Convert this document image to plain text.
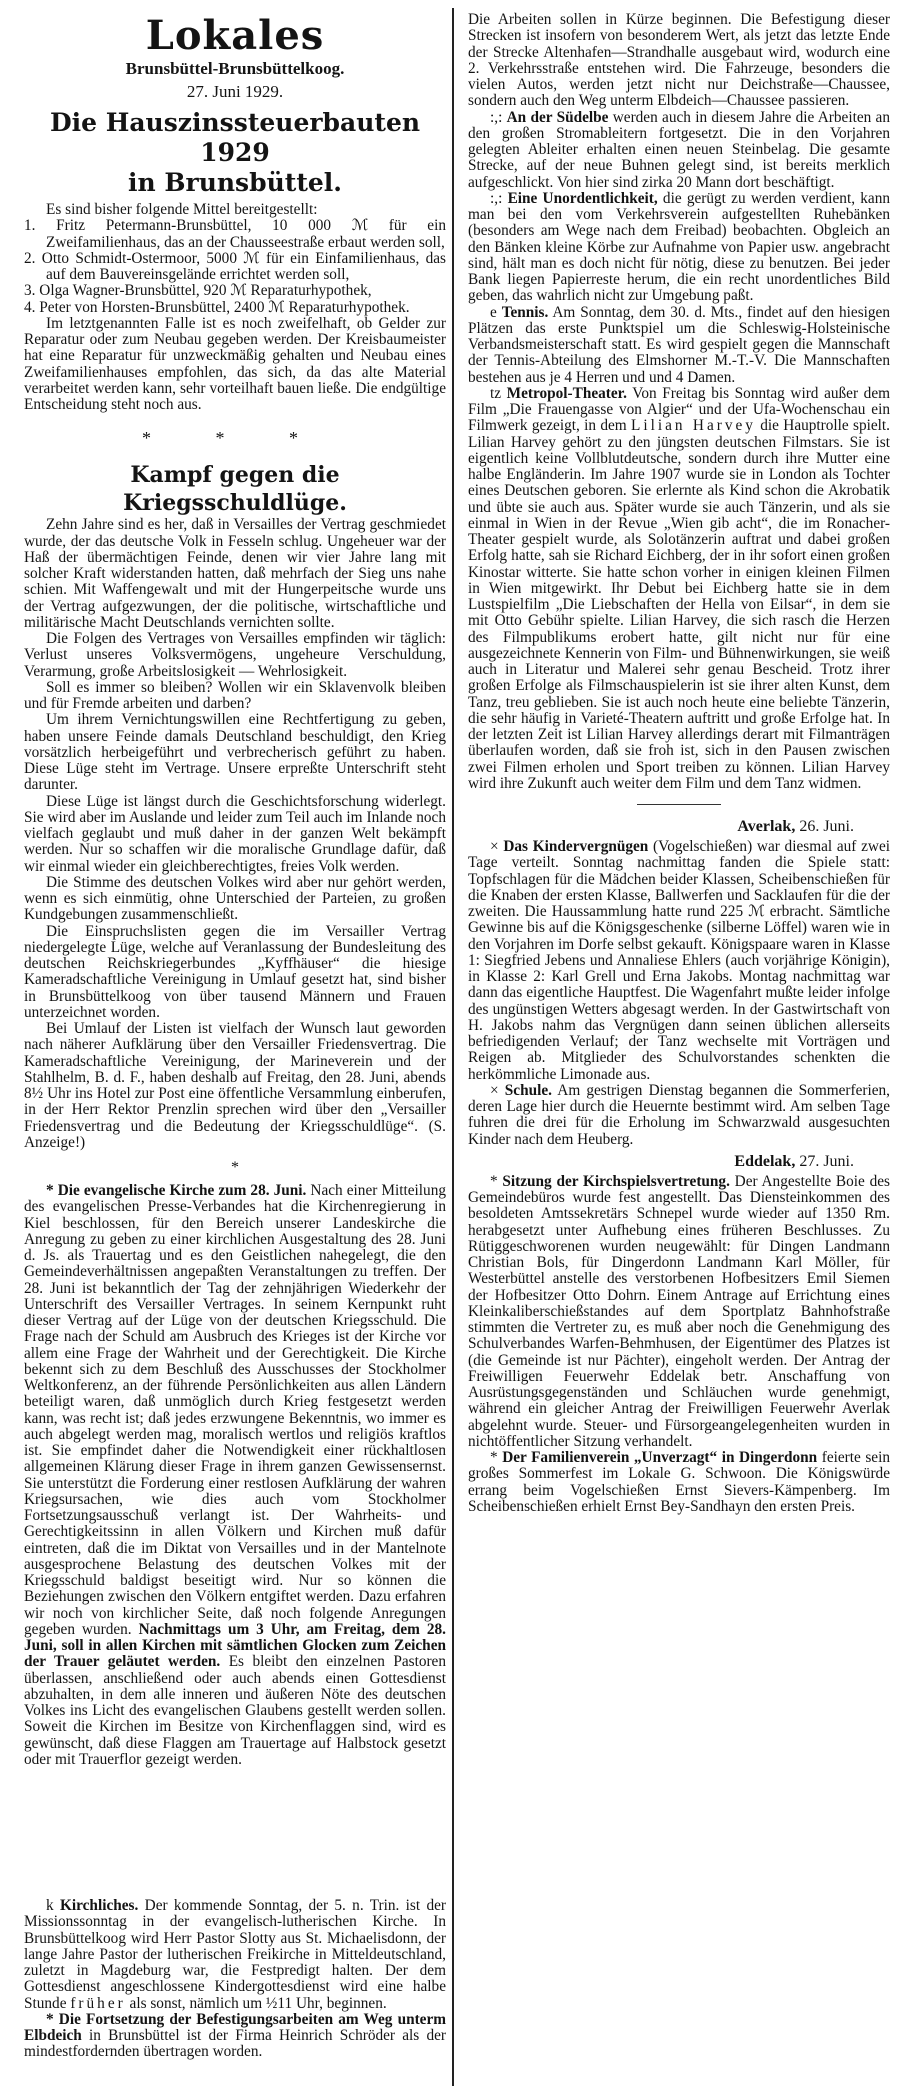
Lokales
Brunsbüttel-Brunsbüttelkoog.
27. Juni 1929.
Die Hauszinssteuerbauten 1929
in Brunsbüttel.

Es sind bisher folgende Mittel bereitgestellt:

1. Fritz Petermann-Brunsbüttel, 10 000 ℳ für ein Zweifamilienhaus, das an der Chausseestraße erbaut werden soll,
2. Otto Schmidt-Ostermoor, 5000 ℳ für ein Einfamilienhaus, das auf dem Bauvereinsgelände errichtet werden soll,
3. Olga Wagner-Brunsbüttel, 920 ℳ Reparaturhypothek,
4. Peter von Horsten-Brunsbüttel, 2400 ℳ Reparaturhypothek.

Im letztgenannten Falle ist es noch zweifelhaft, ob Gelder zur Reparatur oder zum Neubau gegeben werden. Der Kreisbaumeister hat eine Reparatur für unzweckmäßig gehalten und Neubau eines Zweifamilienhauses empfohlen, das sich, da das alte Material verarbeitet werden kann, sehr vorteilhaft bauen ließe. Die endgültige Entscheidung steht noch aus.

* * *
Kampf gegen die Kriegsschuldlüge.

Zehn Jahre sind es her, daß in Versailles der Vertrag geschmiedet wurde, der das deutsche Volk in Fesseln schlug. Ungeheuer war der Haß der übermächtigen Feinde, denen wir vier Jahre lang mit solcher Kraft widerstanden hatten, daß mehrfach der Sieg uns nahe schien. Mit Waffengewalt und mit der Hungerpeitsche wurde uns der Vertrag aufgezwungen, der die politische, wirtschaftliche und militärische Macht Deutschlands vernichten sollte.

Die Folgen des Vertrages von Versailles empfinden wir täglich: Verlust unseres Volksvermögens, ungeheure Verschuldung, Verarmung, große Arbeitslosigkeit — Wehrlosigkeit.

Soll es immer so bleiben? Wollen wir ein Sklavenvolk bleiben und für Fremde arbeiten und darben?

Um ihrem Vernichtungswillen eine Rechtfertigung zu geben, haben unsere Feinde damals Deutschland beschuldigt, den Krieg vorsätzlich herbeigeführt und verbrecherisch geführt zu haben. Diese Lüge steht im Vertrage. Unsere erpreßte Unterschrift steht darunter.

Diese Lüge ist längst durch die Geschichtsforschung widerlegt. Sie wird aber im Auslande und leider zum Teil auch im Inlande noch vielfach geglaubt und muß daher in der ganzen Welt bekämpft werden. Nur so schaffen wir die moralische Grundlage dafür, daß wir einmal wieder ein gleichberechtigtes, freies Volk werden.

Die Stimme des deutschen Volkes wird aber nur gehört werden, wenn es sich einmütig, ohne Unterschied der Parteien, zu großen Kundgebungen zusammenschließt.

Die Einspruchslisten gegen die im Versailler Vertrag niedergelegte Lüge, welche auf Veranlassung der Bundesleitung des deutschen Reichskriegerbundes „Kyffhäuser“ die hiesige Kameradschaftliche Vereinigung in Umlauf gesetzt hat, sind bisher in Brunsbüttelkoog von über tausend Männern und Frauen unterzeichnet worden.

Bei Umlauf der Listen ist vielfach der Wunsch laut geworden nach näherer Aufklärung über den Versailler Friedensvertrag. Die Kameradschaftliche Vereinigung, der Marineverein und der Stahlhelm, B. d. F., haben deshalb auf Freitag, den 28. Juni, abends 8½ Uhr ins Hotel zur Post eine öffentliche Versammlung einberufen, in der Herr Rektor Prenzlin sprechen wird über den „Versailler Friedensvertrag und die Bedeutung der Kriegsschuldlüge“. (S. Anzeige!)

*

* Die evangelische Kirche zum 28. Juni. Nach einer Mitteilung des evangelischen Presse-Verbandes hat die Kirchenregierung in Kiel beschlossen, für den Bereich unserer Landeskirche die Anregung zu geben zu einer kirchlichen Ausgestaltung des 28. Juni d. Js. als Trauertag und es den Geistlichen nahegelegt, die den Gemeindeverhältnissen angepaßten Veranstaltungen zu treffen. Der 28. Juni ist bekanntlich der Tag der zehnjährigen Wiederkehr der Unterschrift des Versailler Vertrages. In seinem Kernpunkt ruht dieser Vertrag auf der Lüge von der deutschen Kriegsschuld. Die Frage nach der Schuld am Ausbruch des Krieges ist der Kirche vor allem eine Frage der Wahrheit und der Gerechtigkeit. Die Kirche bekennt sich zu dem Beschluß des Ausschusses der Stockholmer Weltkonferenz, an der führende Persönlichkeiten aus allen Ländern beteiligt waren, daß unmöglich durch Krieg festgesetzt werden kann, was recht ist; daß jedes erzwungene Bekenntnis, wo immer es auch abgelegt werden mag, moralisch wertlos und religiös kraftlos ist. Sie empfindet daher die Notwendigkeit einer rückhaltlosen allgemeinen Klärung dieser Frage in ihrem ganzen Gewissensernst. Sie unterstützt die Forderung einer restlosen Aufklärung der wahren Kriegsursachen, wie dies auch vom Stockholmer Fortsetzungsausschuß verlangt ist. Der Wahrheits- und Gerechtigkeitssinn in allen Völkern und Kirchen muß dafür eintreten, daß die im Diktat von Versailles und in der Mantelnote ausgesprochene Belastung des deutschen Volkes mit der Kriegsschuld baldigst beseitigt wird. Nur so können die Beziehungen zwischen den Völkern entgiftet werden. Dazu erfahren wir noch von kirchlicher Seite, daß noch folgende Anregungen gegeben wurden. Nachmittags um 3 Uhr, am Freitag, dem 28. Juni, soll in allen Kirchen mit sämtlichen Glocken zum Zeichen der Trauer geläutet werden. Es bleibt den einzelnen Pastoren überlassen, anschließend oder auch abends einen Gottesdienst abzuhalten, in dem alle inneren und äußeren Nöte des deutschen Volkes ins Licht des evangelischen Glaubens gestellt werden sollen. Soweit die Kirchen im Besitze von Kirchenflaggen sind, wird es gewünscht, daß diese Flaggen am Trauertage auf Halbstock gesetzt oder mit Trauerflor gezeigt werden.

k Kirchliches. Der kommende Sonntag, der 5. n. Trin. ist der Missionssonntag in der evangelisch-lutherischen Kirche. In Brunsbüttelkoog wird Herr Pastor Slotty aus St. Michaelisdonn, der lange Jahre Pastor der lutherischen Freikirche in Mitteldeutschland, zuletzt in Magdeburg war, die Festpredigt halten. Der dem Gottesdienst angeschlossene Kindergottesdienst wird eine halbe Stunde früher als sonst, nämlich um ½11 Uhr, beginnen.

* Die Fortsetzung der Befestigungsarbeiten am Weg unterm Elbdeich in Brunsbüttel ist der Firma Heinrich Schröder als der mindestfordernden übertragen worden.

Die Arbeiten sollen in Kürze beginnen. Die Befestigung dieser Strecken ist insofern von besonderem Wert, als jetzt das letzte Ende der Strecke Altenhafen—Strandhalle ausgebaut wird, wodurch eine 2. Verkehrsstraße entstehen wird. Die Fahrzeuge, besonders die vielen Autos, werden jetzt nicht nur Deichstraße—Chaussee, sondern auch den Weg unterm Elbdeich—Chaussee passieren.

:,: An der Südelbe werden auch in diesem Jahre die Arbeiten an den großen Stromableitern fortgesetzt. Die in den Vorjahren gelegten Ableiter erhalten einen neuen Steinbelag. Die gesamte Strecke, auf der neue Buhnen gelegt sind, ist bereits merklich aufgeschlickt. Von hier sind zirka 20 Mann dort beschäftigt.

:,: Eine Unordentlichkeit, die gerügt zu werden verdient, kann man bei den vom Verkehrsverein aufgestellten Ruhebänken (besonders am Wege nach dem Freibad) beobachten. Obgleich an den Bänken kleine Körbe zur Aufnahme von Papier usw. angebracht sind, hält man es doch nicht für nötig, diese zu benutzen. Bei jeder Bank liegen Papierreste herum, die ein recht unordentliches Bild geben, das wahrlich nicht zur Umgebung paßt.

e Tennis. Am Sonntag, dem 30. d. Mts., findet auf den hiesigen Plätzen das erste Punktspiel um die Schleswig-Holsteinische Verbandsmeisterschaft statt. Es wird gespielt gegen die Mannschaft der Tennis-Abteilung des Elmshorner M.-T.-V. Die Mannschaften bestehen aus je 4 Herren und und 4 Damen.

tz Metropol-Theater. Von Freitag bis Sonntag wird außer dem Film „Die Frauengasse von Algier“ und der Ufa-Wochenschau ein Filmwerk gezeigt, in dem Lilian Harvey die Hauptrolle spielt. Lilian Harvey gehört zu den jüngsten deutschen Filmstars. Sie ist eigentlich keine Vollblutdeutsche, sondern durch ihre Mutter eine halbe Engländerin. Im Jahre 1907 wurde sie in London als Tochter eines Deutschen geboren. Sie erlernte als Kind schon die Akrobatik und übte sie auch aus. Später wurde sie auch Tänzerin, und als sie einmal in Wien in der Revue „Wien gib acht“, die im Ronacher-Theater gespielt wurde, als Solotänzerin auftrat und dabei großen Erfolg hatte, sah sie Richard Eichberg, der in ihr sofort einen großen Kinostar witterte. Sie hatte schon vorher in einigen kleinen Filmen in Wien mitgewirkt. Ihr Debut bei Eichberg hatte sie in dem Lustspielfilm „Die Liebschaften der Hella von Eilsar“, in dem sie mit Otto Gebühr spielte. Lilian Harvey, die sich rasch die Herzen des Filmpublikums erobert hatte, gilt nicht nur für eine ausgezeichnete Kennerin von Film- und Bühnenwirkungen, sie weiß auch in Literatur und Malerei sehr genau Bescheid. Trotz ihrer großen Erfolge als Filmschauspielerin ist sie ihrer alten Kunst, dem Tanz, treu geblieben. Sie ist auch noch heute eine beliebte Tänzerin, die sehr häufig in Varieté-Theatern auftritt und große Erfolge hat. In der letzten Zeit ist Lilian Harvey allerdings derart mit Filmanträgen überlaufen worden, daß sie froh ist, sich in den Pausen zwischen zwei Filmen erholen und Sport treiben zu können. Lilian Harvey wird ihre Zukunft auch weiter dem Film und dem Tanz widmen.

Averlak, 26. Juni.

× Das Kindervergnügen (Vogelschießen) war diesmal auf zwei Tage verteilt. Sonntag nachmittag fanden die Spiele statt: Topfschlagen für die Mädchen beider Klassen, Scheibenschießen für die Knaben der ersten Klasse, Ballwerfen und Sacklaufen für die der zweiten. Die Haussammlung hatte rund 225 ℳ erbracht. Sämtliche Gewinne bis auf die Königsgeschenke (silberne Löffel) waren wie in den Vorjahren im Dorfe selbst gekauft. Königspaare waren in Klasse 1: Siegfried Jebens und Annaliese Ehlers (auch vorjährige Königin), in Klasse 2: Karl Grell und Erna Jakobs. Montag nachmittag war dann das eigentliche Hauptfest. Die Wagenfahrt mußte leider infolge des ungünstigen Wetters abgesagt werden. In der Gastwirtschaft von H. Jakobs nahm das Vergnügen dann seinen üblichen allerseits befriedigenden Verlauf; der Tanz wechselte mit Vorträgen und Reigen ab. Mitglieder des Schulvorstandes schenkten die herkömmliche Limonade aus.

× Schule. Am gestrigen Dienstag begannen die Sommerferien, deren Lage hier durch die Heuernte bestimmt wird. Am selben Tage fuhren die drei für die Erholung im Schwarzwald ausgesuchten Kinder nach dem Heuberg.

Eddelak, 27. Juni.

* Sitzung der Kirchspielsvertretung. Der Angestellte Boie des Gemeindebüros wurde fest angestellt. Das Diensteinkommen des besoldeten Amtssekretärs Schnepel wurde wieder auf 1350 Rm. herabgesetzt unter Aufhebung eines früheren Beschlusses. Zu Rütiggeschworenen wurden neugewählt: für Dingen Landmann Christian Bols, für Dingerdonn Landmann Karl Möller, für Westerbüttel anstelle des verstorbenen Hofbesitzers Emil Siemen der Hofbesitzer Otto Dohrn. Einem Antrage auf Errichtung eines Kleinkaliberschießstandes auf dem Sportplatz Bahnhofstraße stimmten die Vertreter zu, es muß aber noch die Genehmigung des Schulverbandes Warfen-Behmhusen, der Eigentümer des Platzes ist (die Gemeinde ist nur Pächter), eingeholt werden. Der Antrag der Freiwilligen Feuerwehr Eddelak betr. Anschaffung von Ausrüstungsgegenständen und Schläuchen wurde genehmigt, während ein gleicher Antrag der Freiwilligen Feuerwehr Averlak abgelehnt wurde. Steuer- und Fürsorgeangelegenheiten wurden in nichtöffentlicher Sitzung verhandelt.

* Der Familienverein „Unverzagt“ in Dingerdonn feierte sein großes Sommerfest im Lokale G. Schwoon. Die Königswürde errang beim Vogelschießen Ernst Sievers-Kämpenberg. Im Scheibenschießen erhielt Ernst Bey-Sandhayn den ersten Preis.
